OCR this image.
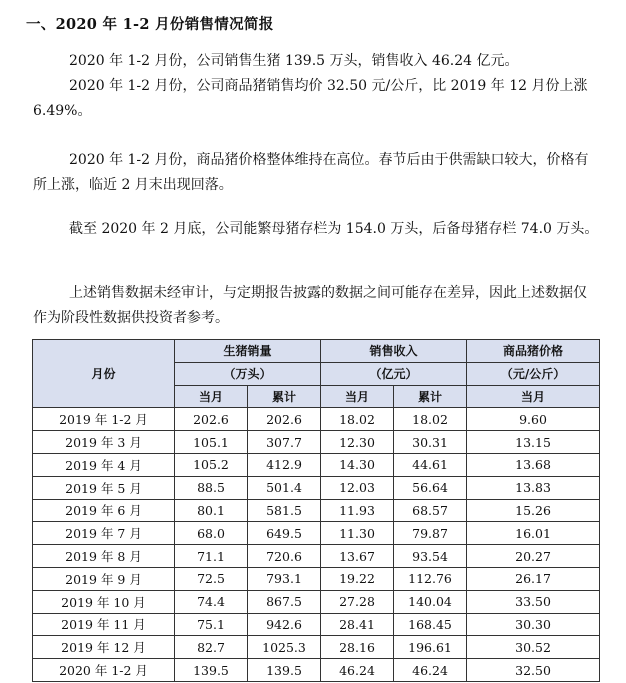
一、2020 年 1-2 月份销售情况简报

2020 年 1-2 月份，公司销售生猪 139.5 万头，销售收入 46.24 亿元。

2020 年 1-2 月份，公司商品猪销售均价 32.50 元/公斤，比 2019 年 12 月份上涨 6.49%。

2020 年 1-2 月份，商品猪价格整体维持在高位。春节后由于供需缺口较大，价格有所上涨，临近 2 月末出现回落。

截至 2020 年 2 月底，公司能繁母猪存栏为 154.0 万头，后备母猪存栏 74.0 万头。

上述销售数据未经审计，与定期报告披露的数据之间可能存在差异，因此上述数据仅作为阶段性数据供投资者参考。

月份	生猪销量		销售收入		商品猪价格
	（万头）		（亿元）		（元/公斤）
	当月	累计	当月	累计	当月
2019 年 1-2 月	202.6	202.6	18.02	18.02	9.60
2019 年 3 月	105.1	307.7	12.30	30.31	13.15
2019 年 4 月	105.2	412.9	14.30	44.61	13.68
2019 年 5 月	88.5	501.4	12.03	56.64	13.83
2019 年 6 月	80.1	581.5	11.93	68.57	15.26
2019 年 7 月	68.0	649.5	11.30	79.87	16.01
2019 年 8 月	71.1	720.6	13.67	93.54	20.27
2019 年 9 月	72.5	793.1	19.22	112.76	26.17
2019 年 10 月	74.4	867.5	27.28	140.04	33.50
2019 年 11 月	75.1	942.6	28.41	168.45	30.30
2019 年 12 月	82.7	1025.3	28.16	196.61	30.52
2020 年 1-2 月	139.5	139.5	46.24	46.24	32.50
